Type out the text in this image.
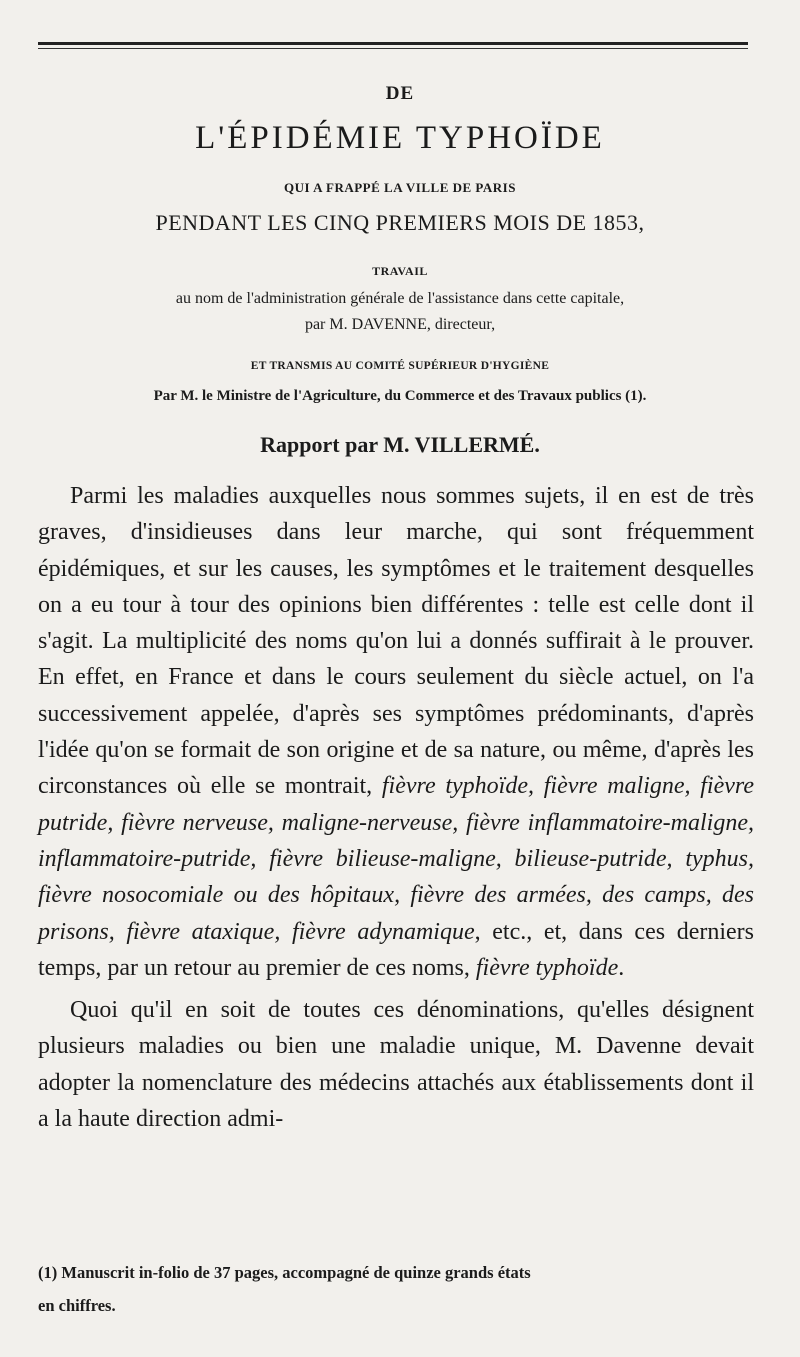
DE
L'ÉPIDÉMIE TYPHOÏDE
QUI A FRAPPÉ LA VILLE DE PARIS
PENDANT LES CINQ PREMIERS MOIS DE 1853,
TRAVAIL
au nom de l'administration générale de l'assistance dans cette capitale,
par M. DAVENNE, directeur,
ET TRANSMIS AU COMITÉ SUPÉRIEUR D'HYGIÈNE
Par M. le Ministre de l'Agriculture, du Commerce et des Travaux publics (1).
Rapport par M. VILLERMÉ.

Parmi les maladies auxquelles nous sommes sujets, il en est de très graves, d'insidieuses dans leur marche, qui sont fréquemment épidémiques, et sur les causes, les symptômes et le traitement desquelles on a eu tour à tour des opinions bien différentes : telle est celle dont il s'agit. La multiplicité des noms qu'on lui a donnés suffirait à le prouver. En effet, en France et dans le cours seulement du siècle actuel, on l'a successivement appelée, d'après ses symptômes prédominants, d'après l'idée qu'on se formait de son origine et de sa nature, ou même, d'après les circonstances où elle se montrait, fièvre typhoïde, fièvre maligne, fièvre putride, fièvre nerveuse, maligne-nerveuse, fièvre inflammatoire-maligne, inflammatoire-putride, fièvre bilieuse-maligne, bilieuse-putride, typhus, fièvre nosocomiale ou des hôpitaux, fièvre des armées, des camps, des prisons, fièvre ataxique, fièvre adynamique, etc., et, dans ces derniers temps, par un retour au premier de ces noms, fièvre typhoïde.

Quoi qu'il en soit de toutes ces dénominations, qu'elles désignent plusieurs maladies ou bien une maladie unique, M. Davenne devait adopter la nomenclature des médecins attachés aux établissements dont il a la haute direction admi-

(1) Manuscrit in-folio de 37 pages, accompagné de quinze grands états
en chiffres.
